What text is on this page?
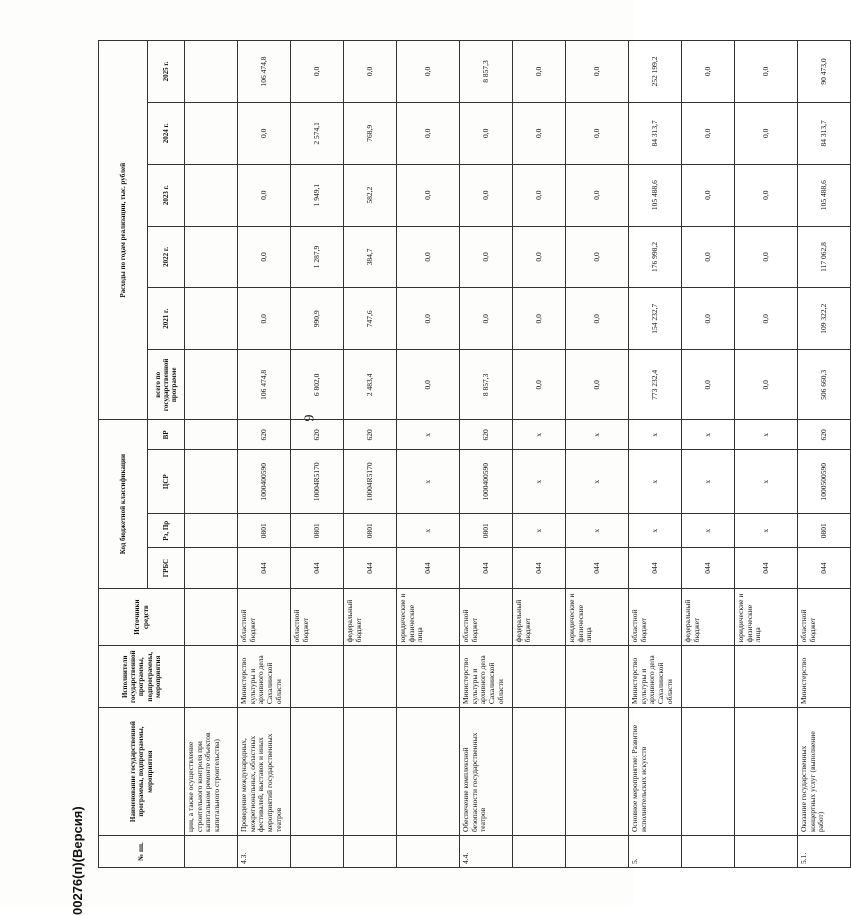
9
№ пп.	Наименование государственной программы, подпрограммы, мероприятия	Исполнители государственной программы, подпрограммы, мероприятия	Источники средств	Код бюджетной классификации				Расходы по годам реализации, тыс. рублей					
				ГРБС	Рз, Пр	ЦСР	ВР	всего по государственной программе	2021 г.	2022 г.	2023 г.	2024 г.	2025 г.
	ции, а также осуществление строительного контроля при капитальном ремонте объектов капитального строительства)												
4.3.	Проведение международных, межрегиональных, областных фестивалей, выставок и иных мероприятий государственных театров	Министерство культуры и архивного дела Сахалинской области	областной бюджет	044	0801	1000400590	620	106 474,8	0,0	0,0	0,0	0,0	106 474,8
			областной бюджет	044	0801	10004R5170	620	6 802,0	990,9	1 287,9	1 949,1	2 574,1	0,0
			федеральный бюджет	044	0801	10004R5170	620	2 483,4	747,6	384,7	582,2	768,9	0,0
			юридические и физические лица	044	x	x	x	0,0	0,0	0,0	0,0	0,0	0,0
4.4.	Обеспечение комплексной безопасности государственных театров	Министерство культуры и архивного дела Сахалинской области	областной бюджет	044	0801	1000400590	620	8 857,3	0,0	0,0	0,0	0,0	8 857,3
			федеральный бюджет	044	x	x	x	0,0	0,0	0,0	0,0	0,0	0,0
			юридические и физические лица	044	x	x	x	0,0	0,0	0,0	0,0	0,0	0,0
5.	Основное мероприятие: Развитие исполнительских искусств	Министерство культуры и архивного дела Сахалинской области	областной бюджет	044	x	x	x	773 232,4	154 232,7	176 998,2	105 488,6	84 313,7	252 199,2
			федеральный бюджет	044	x	x	x	0,0	0,0	0,0	0,0	0,0	0,0
			юридические и физические лица	044	x	x	x	0,0	0,0	0,0	0,0	0,0	0,0
5.1.	Оказание государственных концертных услуг (выполнение работ)	Министерство	областной бюджет	044	0801	1000500590	620	506 660,3	109 322,2	117 062,8	105 488,6	84 313,7	90 473,0
00276(п)(Версия)
